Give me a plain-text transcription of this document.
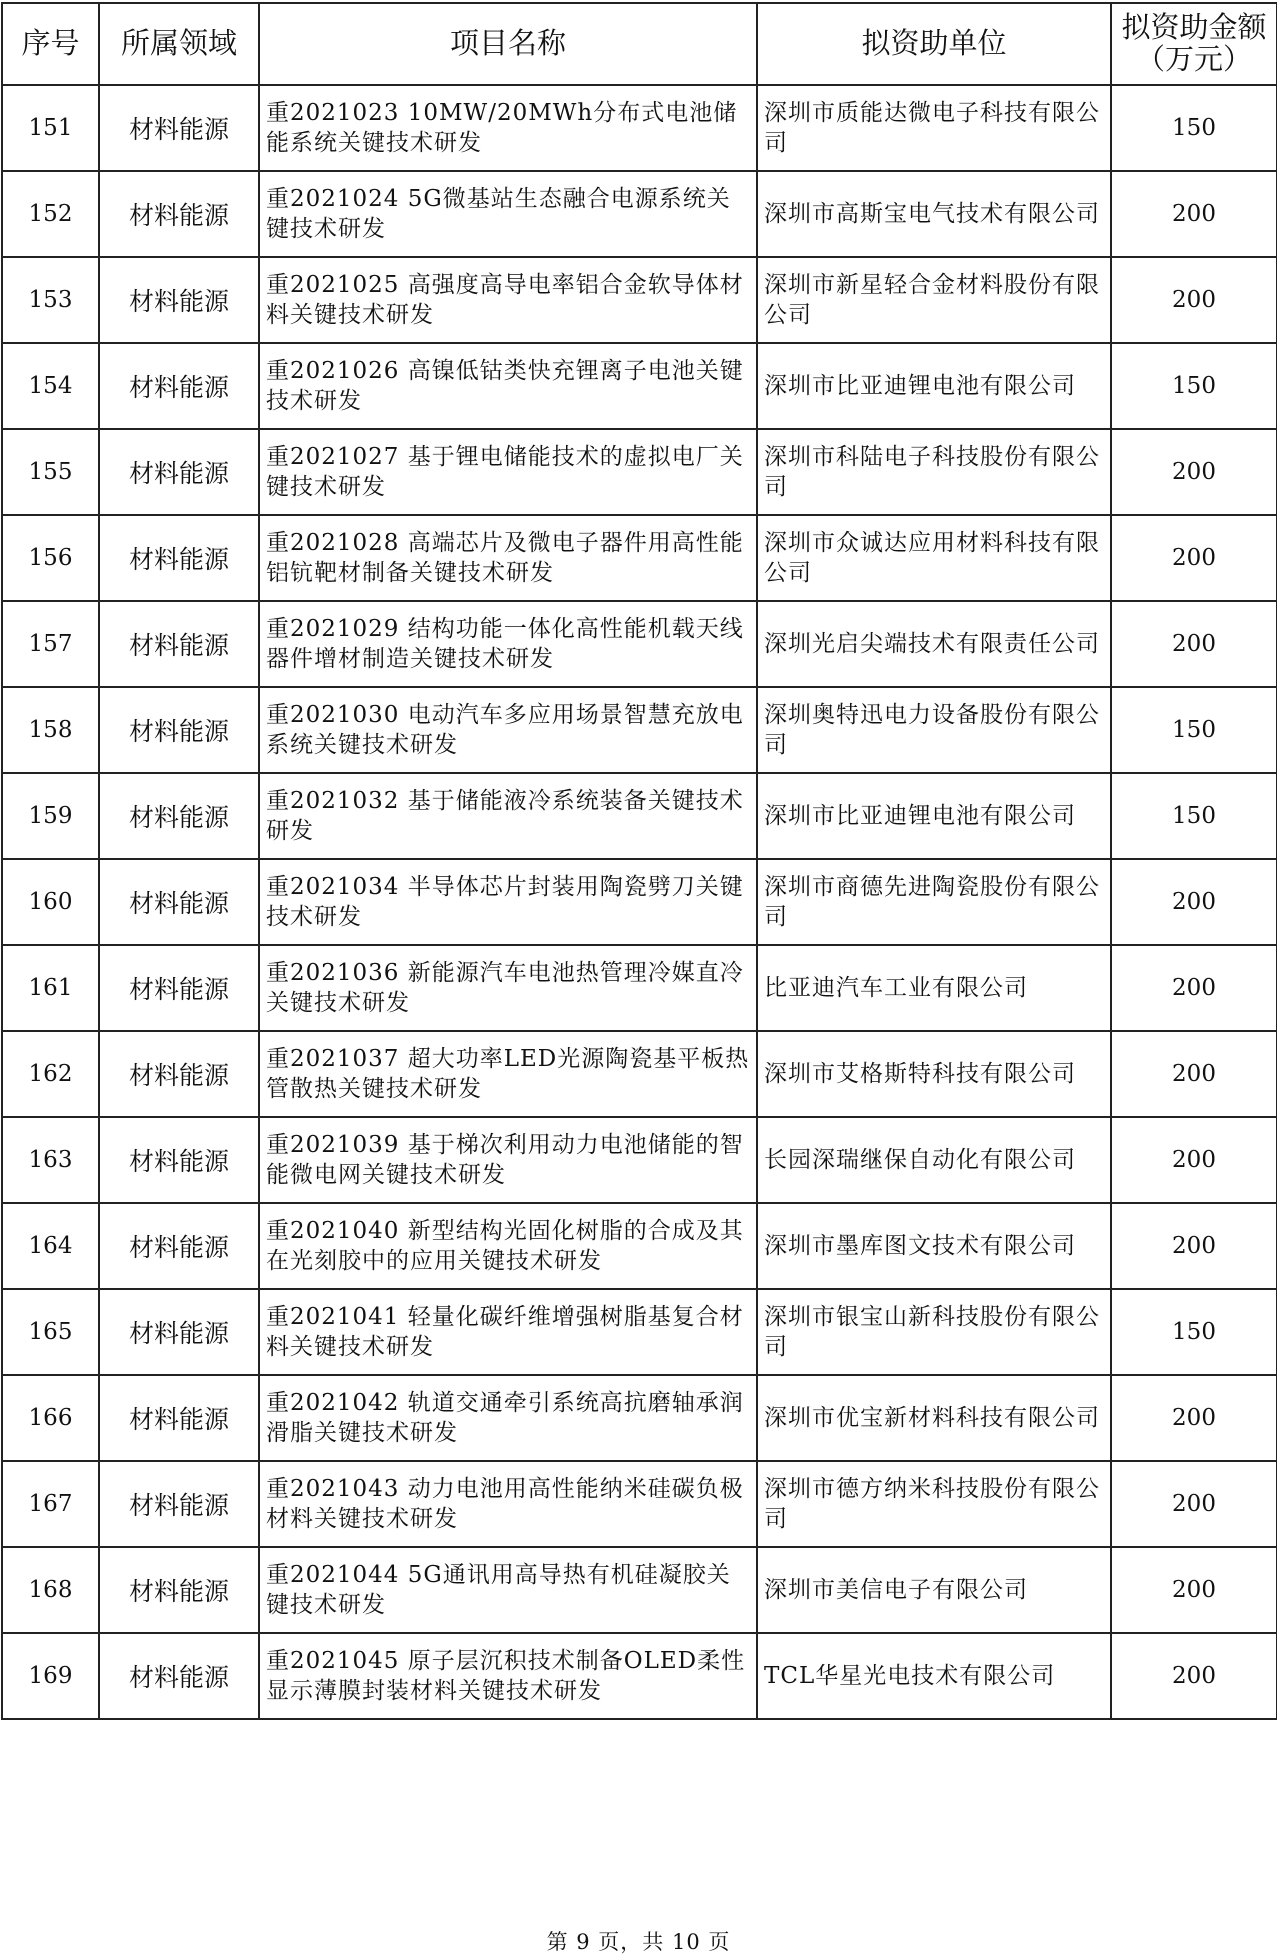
序号	所属领域	项目名称	拟资助单位	拟资助金额
（万元）

151	材料能源	重2021023 10MW/20MWh分布式电池储能系统关键技术研发	深圳市质能达微电子科技有限公司	150
152	材料能源	重2021024 5G微基站生态融合电源系统关键技术研发	深圳市高斯宝电气技术有限公司	200
153	材料能源	重2021025 高强度高导电率铝合金软导体材料关键技术研发	深圳市新星轻合金材料股份有限公司	200
154	材料能源	重2021026 高镍低钴类快充锂离子电池关键技术研发	深圳市比亚迪锂电池有限公司	150
155	材料能源	重2021027 基于锂电储能技术的虚拟电厂关键技术研发	深圳市科陆电子科技股份有限公司	200
156	材料能源	重2021028 高端芯片及微电子器件用高性能铝钪靶材制备关键技术研发	深圳市众诚达应用材料科技有限公司	200
157	材料能源	重2021029 结构功能一体化高性能机载天线器件增材制造关键技术研发	深圳光启尖端技术有限责任公司	200
158	材料能源	重2021030 电动汽车多应用场景智慧充放电系统关键技术研发	深圳奥特迅电力设备股份有限公司	150
159	材料能源	重2021032 基于储能液冷系统装备关键技术研发	深圳市比亚迪锂电池有限公司	150
160	材料能源	重2021034 半导体芯片封装用陶瓷劈刀关键技术研发	深圳市商德先进陶瓷股份有限公司	200
161	材料能源	重2021036 新能源汽车电池热管理冷媒直冷关键技术研发	比亚迪汽车工业有限公司	200
162	材料能源	重2021037 超大功率LED光源陶瓷基平板热管散热关键技术研发	深圳市艾格斯特科技有限公司	200
163	材料能源	重2021039 基于梯次利用动力电池储能的智能微电网关键技术研发	长园深瑞继保自动化有限公司	200
164	材料能源	重2021040 新型结构光固化树脂的合成及其在光刻胶中的应用关键技术研发	深圳市墨库图文技术有限公司	200
165	材料能源	重2021041 轻量化碳纤维增强树脂基复合材料关键技术研发	深圳市银宝山新科技股份有限公司	150
166	材料能源	重2021042 轨道交通牵引系统高抗磨轴承润滑脂关键技术研发	深圳市优宝新材料科技有限公司	200
167	材料能源	重2021043 动力电池用高性能纳米硅碳负极材料关键技术研发	深圳市德方纳米科技股份有限公司	200
168	材料能源	重2021044 5G通讯用高导热有机硅凝胶关键技术研发	深圳市美信电子有限公司	200
169	材料能源	重2021045 原子层沉积技术制备OLED柔性显示薄膜封装材料关键技术研发	TCL华星光电技术有限公司	200
第 9 页，共 10 页
